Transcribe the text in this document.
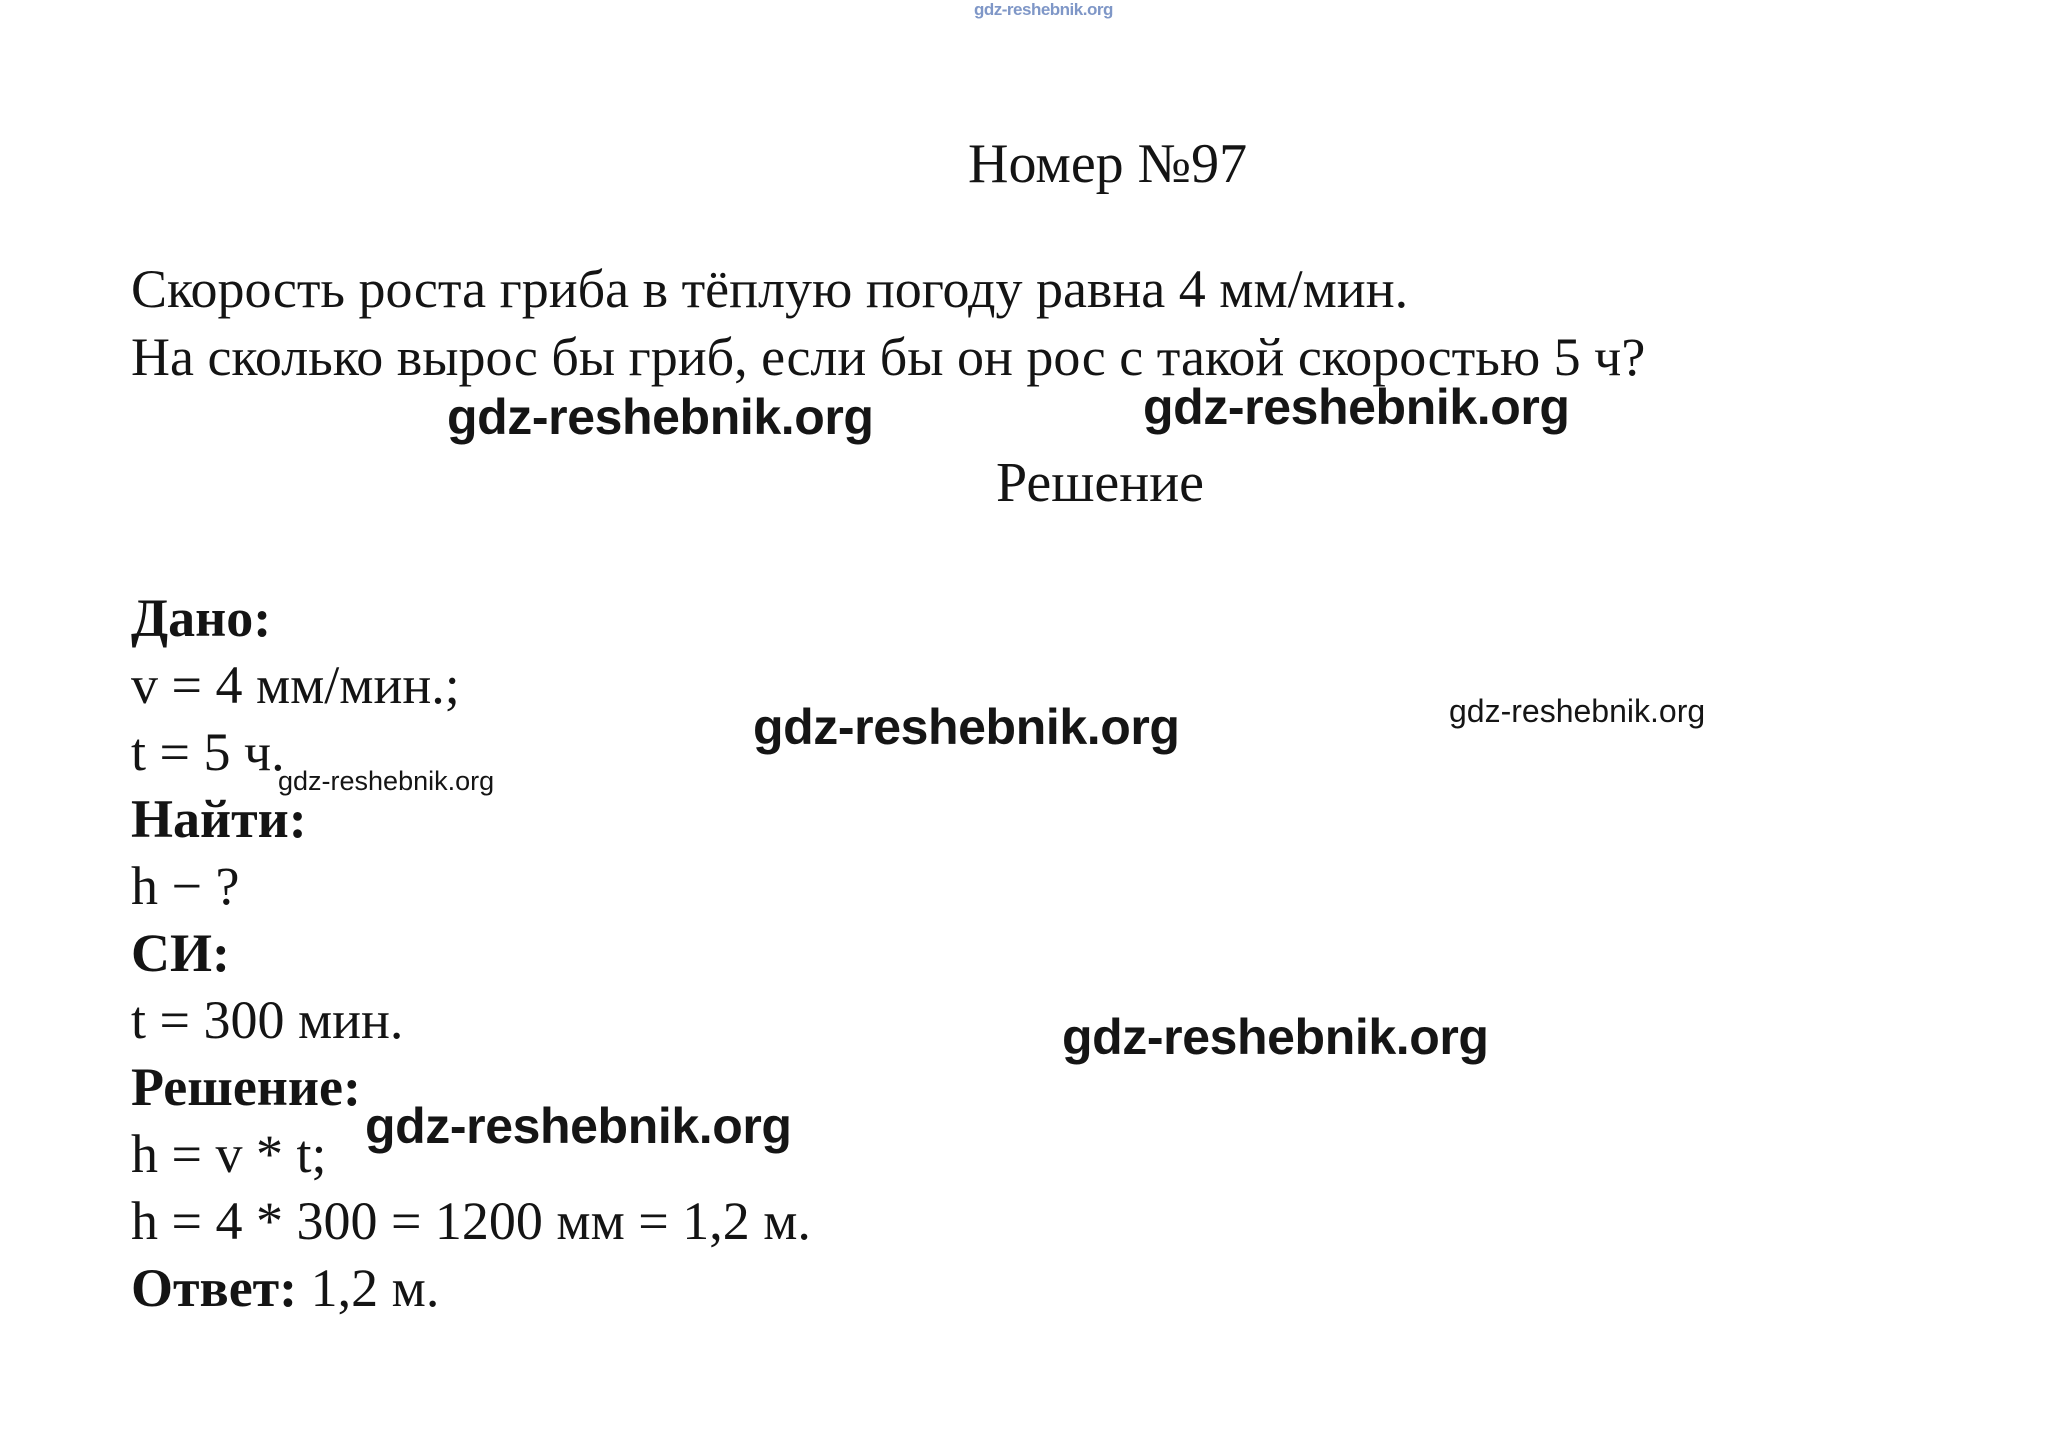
gdz-reshebnik.org
Номер №97
Скорость роста гриба в тёплую погоду равна 4 мм/мин.
На сколько вырос бы гриб, если бы он рос с такой скоростью 5 ч?
Решение
Дано:
v = 4 мм/мин.;
t = 5 ч.
Найти:
h − ?
СИ:
t = 300 мин.
Решение:
h = v * t;
h = 4 * 300 = 1200 мм = 1,2 м.
Ответ: 1,2 м.
gdz-reshebnik.org	gdz-reshebnik.org
gdz-reshebnik.org	gdz-reshebnik.org
gdz-reshebnik.org
gdz-reshebnik.org
gdz-reshebnik.org
